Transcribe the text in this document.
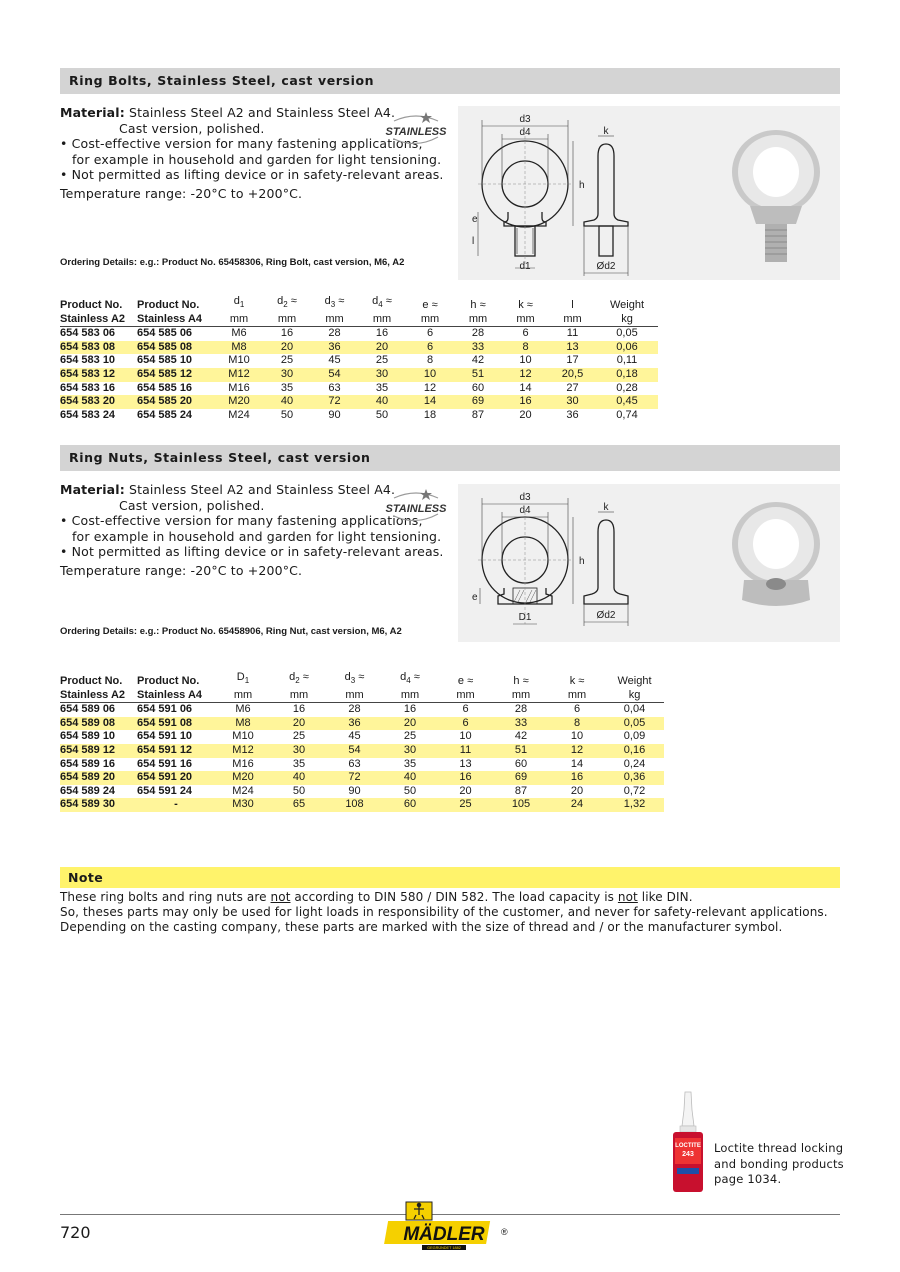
Ring Bolts, Stainless Steel, cast version
Material: Stainless Steel A2 and Stainless Steel A4.
Cast version, polished.
• Cost-effective version for many fastening applications,
for example in household and garden for light tensioning.
• Not permitted as lifting device or in safety-relevant areas.
Temperature range: -20°C to +200°C.
STAINLESS
d3
d4
h
e
l
d1
k
Ød2
Ordering Details: e.g.: Product No. 65458306, Ring Bolt, cast version, M6, A2
Product No.	Product No.	$d_1$	$d_2$ ≈	$d_3$ ≈	$d_4$ ≈	e ≈	h ≈	k ≈	l	Weight
Stainless A2	Stainless A4	mm	mm	mm	mm	mm	mm	mm	mm	kg
654 583 06	654 585 06	M6	16	28	16	6	28	6	11	0,05
654 583 08	654 585 08	M8	20	36	20	6	33	8	13	0,06
654 583 10	654 585 10	M10	25	45	25	8	42	10	17	0,11
654 583 12	654 585 12	M12	30	54	30	10	51	12	20,5	0,18
654 583 16	654 585 16	M16	35	63	35	12	60	14	27	0,28
654 583 20	654 585 20	M20	40	72	40	14	69	16	30	0,45
654 583 24	654 585 24	M24	50	90	50	18	87	20	36	0,74
Ring Nuts, Stainless Steel, cast version
Material: Stainless Steel A2 and Stainless Steel A4.
Cast version, polished.
• Cost-effective version for many fastening applications,
for example in household and garden for light tensioning.
• Not permitted as lifting device or in safety-relevant areas.
Temperature range: -20°C to +200°C.
STAINLESS
d3
d4
h
e
D1
k
Ød2
Ordering Details: e.g.: Product No. 65458906, Ring Nut, cast version, M6, A2
Product No.	Product No.	$D_1$	$d_2$ ≈	$d_3$ ≈	$d_4$ ≈	e ≈	h ≈	k ≈	Weight
Stainless A2	Stainless A4	mm	mm	mm	mm	mm	mm	mm	kg
654 589 06	654 591 06	M6	16	28	16	6	28	6	0,04
654 589 08	654 591 08	M8	20	36	20	6	33	8	0,05
654 589 10	654 591 10	M10	25	45	25	10	42	10	0,09
654 589 12	654 591 12	M12	30	54	30	11	51	12	0,16
654 589 16	654 591 16	M16	35	63	35	13	60	14	0,24
654 589 20	654 591 20	M20	40	72	40	16	69	16	0,36
654 589 24	654 591 24	M24	50	90	50	20	87	20	0,72
654 589 30	-	M30	65	108	60	25	105	24	1,32
Note
These ring bolts and ring nuts are not according to DIN 580 / DIN 582. The load capacity is not like DIN.
So, theses parts may only be used for light loads in responsibility of the customer, and never for safety-relevant applications.
Depending on the casting company, these parts are marked with the size of thread and / or the manufacturer symbol.
LOCTITE
243 Loctite thread locking
and bonding products
page 1034.
720	MÄDLER ®
GEGRÜNDET 1882
